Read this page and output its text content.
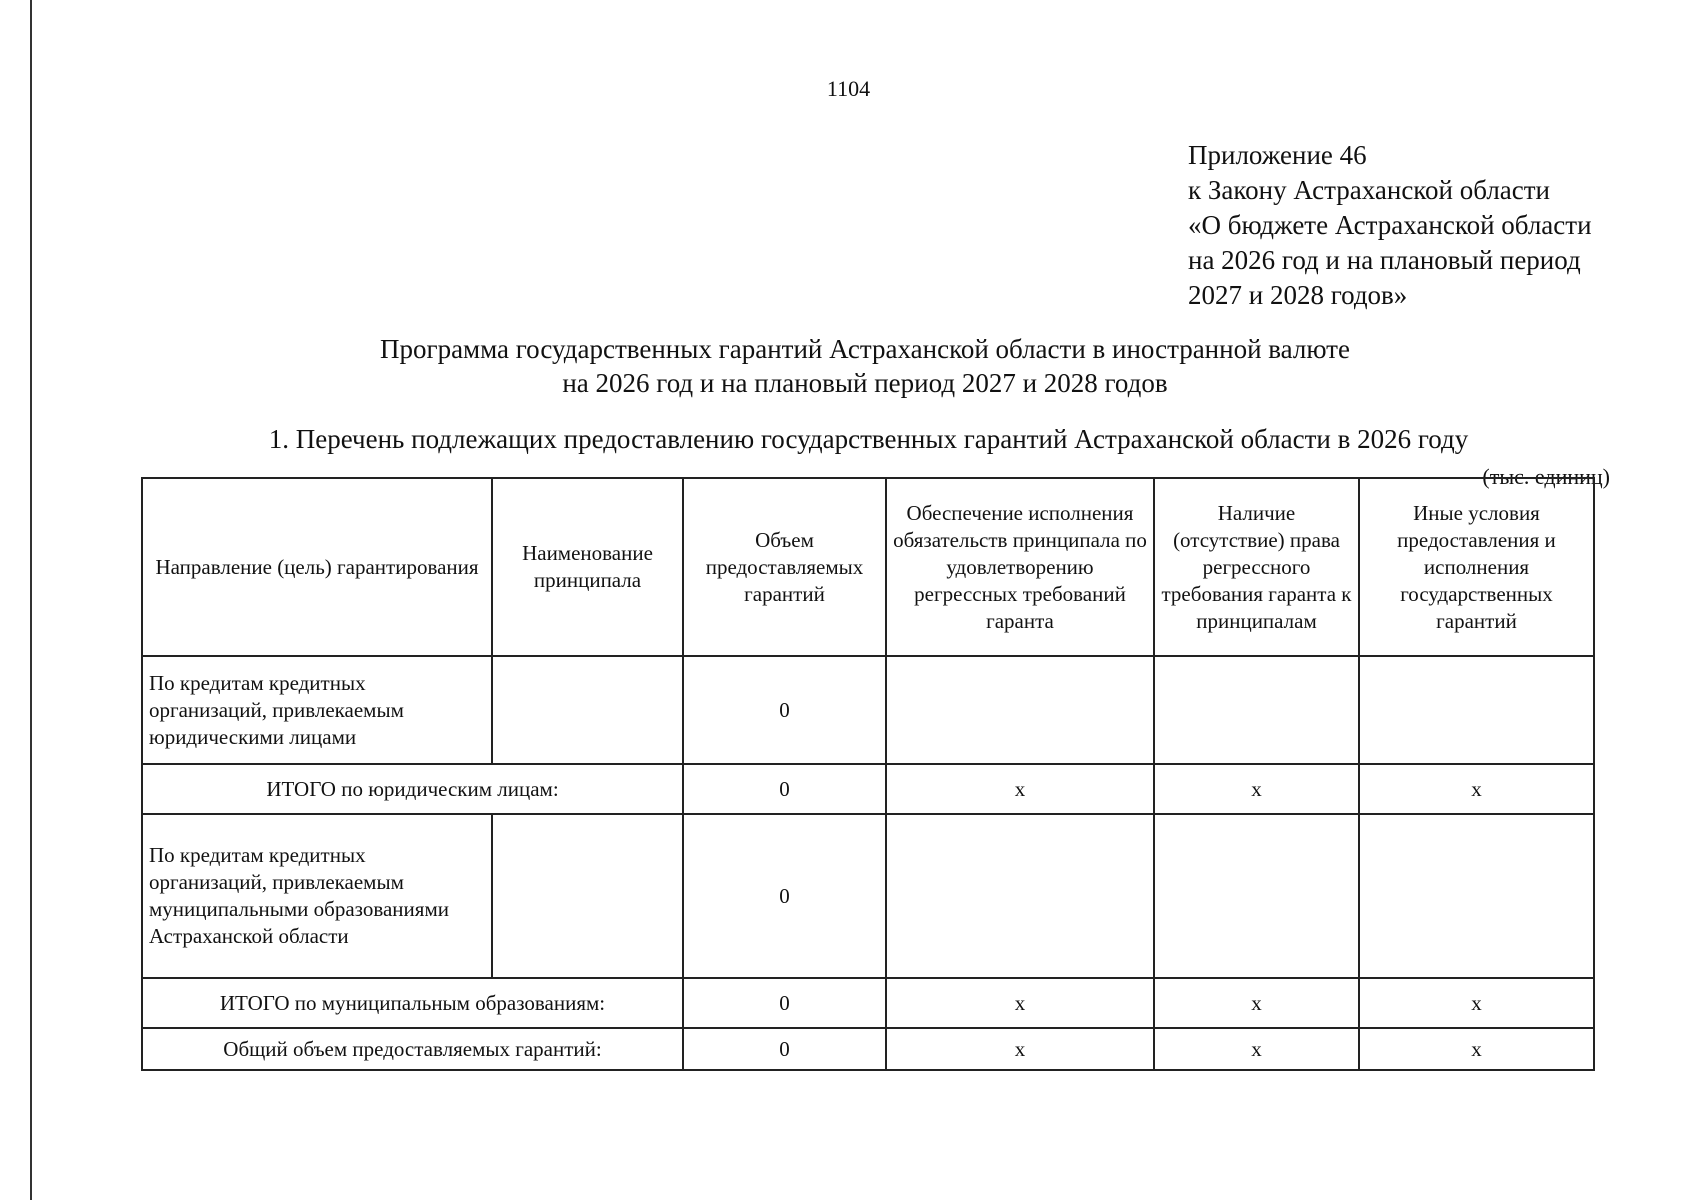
1104
Приложение 46
к Закону Астраханской области
«О бюджете Астраханской области
на 2026 год и на плановый период
2027 и 2028 годов»
Программа государственных гарантий Астраханской области в иностранной валюте
на 2026 год и на плановый период 2027 и 2028 годов
1. Перечень подлежащих предоставлению государственных гарантий Астраханской области в 2026 году
(тыс. единиц)
Направление (цель) гарантирования	Наименование принципала	Объем предоставляемых гарантий	Обеспечение исполнения обязательств принципала по удовлетворению регрессных требований гаранта	Наличие (отсутствие) права регрессного требования гаранта к принципалам	Иные условия предоставления и исполнения государственных гарантий
По кредитам кредитных организаций, привлекаемым юридическими лицами		0			
ИТОГО по юридическим лицам:		0	х	х	х
По кредитам кредитных организаций, привлекаемым муниципальными образованиями Астраханской области		0			
ИТОГО по муниципальным образованиям:		0	х	х	х
Общий объем предоставляемых гарантий:		0	х	х	х
